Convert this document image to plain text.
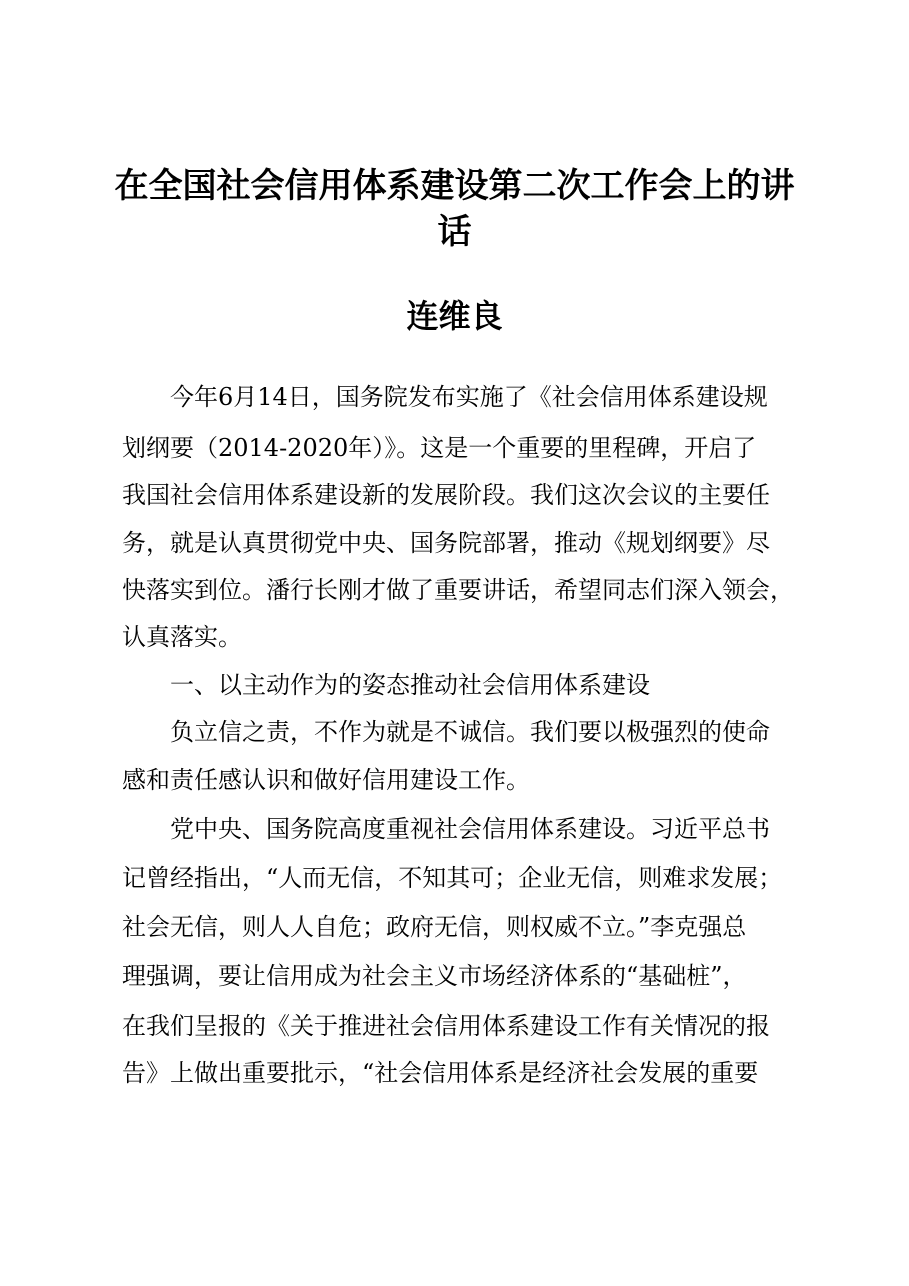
在全国社会信用体系建设第二次工作会上的讲
话
连维良

今年6月14日，国务院发布实施了《社会信用体系建设规

划纲要（2014-2020年）》。这是一个重要的里程碑，开启了

我国社会信用体系建设新的发展阶段。我们这次会议的主要任

务，就是认真贯彻党中央、国务院部署，推动《规划纲要》尽

快落实到位。潘行长刚才做了重要讲话，希望同志们深入领会，

认真落实。

一、以主动作为的姿态推动社会信用体系建设

负立信之责，不作为就是不诚信。我们要以极强烈的使命

感和责任感认识和做好信用建设工作。

党中央、国务院高度重视社会信用体系建设。习近平总书

记曾经指出，“人而无信，不知其可；企业无信，则难求发展；

社会无信，则人人自危；政府无信，则权威不立。”李克强总

理强调，要让信用成为社会主义市场经济体系的“基础桩”，

在我们呈报的《关于推进社会信用体系建设工作有关情况的报

告》上做出重要批示，“社会信用体系是经济社会发展的重要
